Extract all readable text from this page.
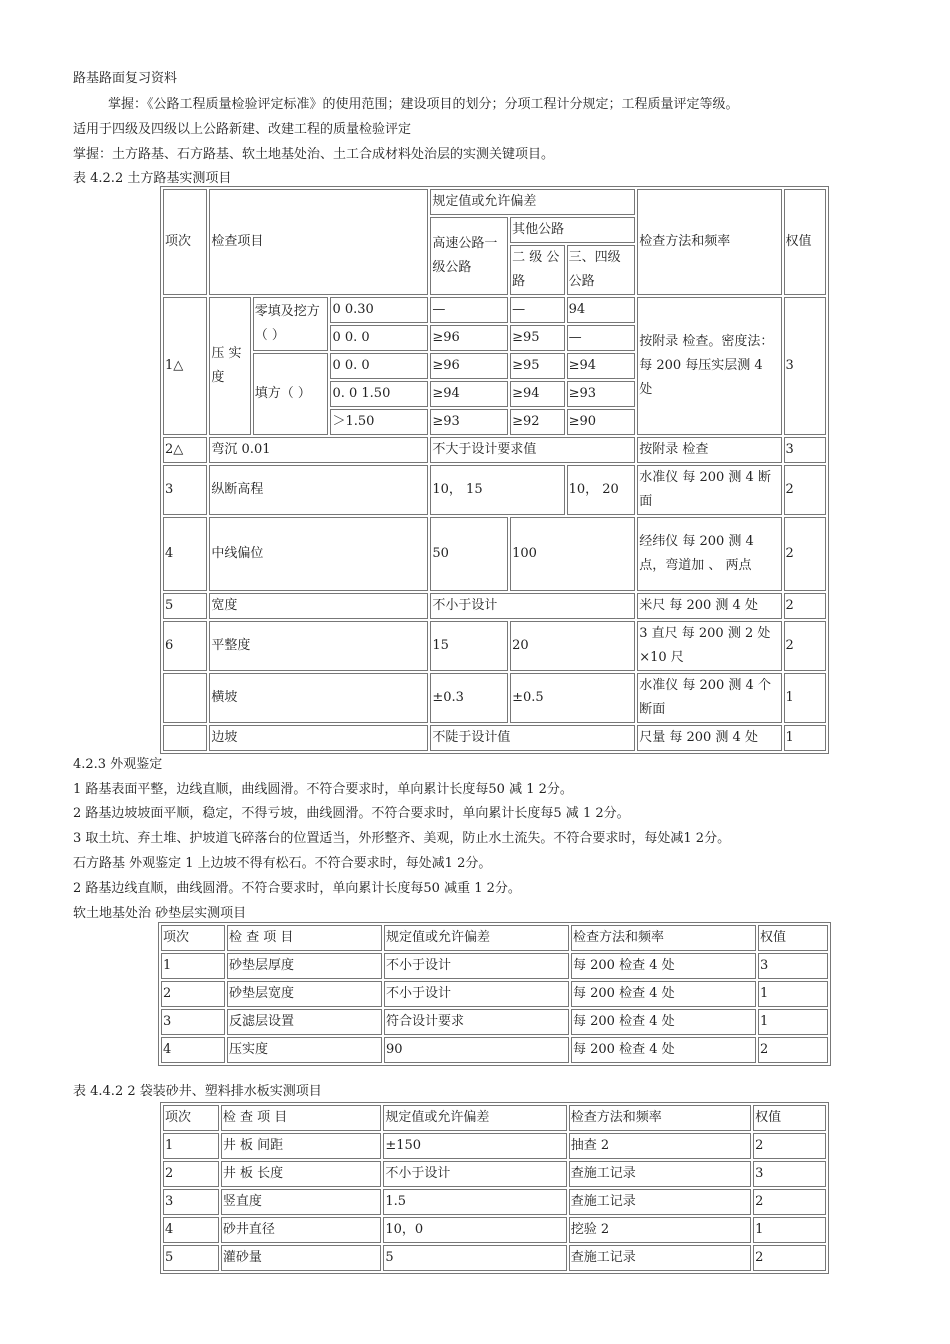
路基路面复习资料
掌握：《公路工程质量检验评定标准》的使用范围；建设项目的划分；分项工程计分规定；工程质量评定等级。
适用于四级及四级以上公路新建、改建工程的质量检验评定
掌握：土方路基、石方路基、软土地基处治、土工合成材料处治层的实测关键项目。
表 4.2.2 土方路基实测项目
项次	检查项目			规定值或允许偏差			检查方法和频率	权值
				高速公路一级公路	其他公路			
					二 级 公路	三、四级公路		
1△	压 实 度	零填及挖方（ ）	0 0.30	—	—	94	按附录 检查。密度法：每 200 每压实层测 4 处	3
			0 0. 0	≥96	≥95	—		
		填方（ ）	0 0. 0	≥96	≥95	≥94		
			0. 0 1.50	≥94	≥94	≥93		
			＞1.50	≥93	≥92	≥90		
2△	弯沉 0.01			不大于设计要求值			按附录 检查	3
3	纵断高程			10， 15		10， 20	水准仪 每 200 测 4 断面	2
4	中线偏位			50	100		经纬仪 每 200 测 4 点，弯道加 、 两点	2
5	宽度			不小于设计			米尺 每 200 测 4 处	2
6	平整度			15	20		3 直尺 每 200 测 2 处×10 尺	2
	横坡			±0.3	±0.5		水准仪 每 200 测 4 个断面	1
	边坡			不陡于设计值			尺量 每 200 测 4 处	1
4.2.3 外观鉴定
1 路基表面平整，边线直顺，曲线圆滑。不符合要求时，单向累计长度每50 减 1 2分。
2 路基边坡坡面平顺，稳定，不得亏坡，曲线圆滑。不符合要求时，单向累计长度每5 减 1 2分。
3 取土坑、弃土堆、护坡道飞碎落台的位置适当，外形整齐、美观，防止水土流失。不符合要求时，每处减1 2分。
石方路基 外观鉴定 1 上边坡不得有松石。不符合要求时，每处减1 2分。
2 路基边线直顺，曲线圆滑。不符合要求时，单向累计长度每50 减重 1 2分。
软土地基处治 砂垫层实测项目
项次	检 查 项 目	规定值或允许偏差	检查方法和频率	权值
1	砂垫层厚度	不小于设计	每 200 检查 4 处	3
2	砂垫层宽度	不小于设计	每 200 检查 4 处	1
3	反滤层设置	符合设计要求	每 200 检查 4 处	1
4	压实度	90	每 200 检查 4 处	2
表 4.4.2 2 袋装砂井、塑料排水板实测项目
项次	检 查 项 目	规定值或允许偏差	检查方法和频率	权值
1	井 板 间距	±150	抽查 2	2
2	井 板 长度	不小于设计	查施工记录	3
3	竖直度	1.5	查施工记录	2
4	砂井直径	10，0	挖验 2	1
5	灌砂量	5	查施工记录	2
